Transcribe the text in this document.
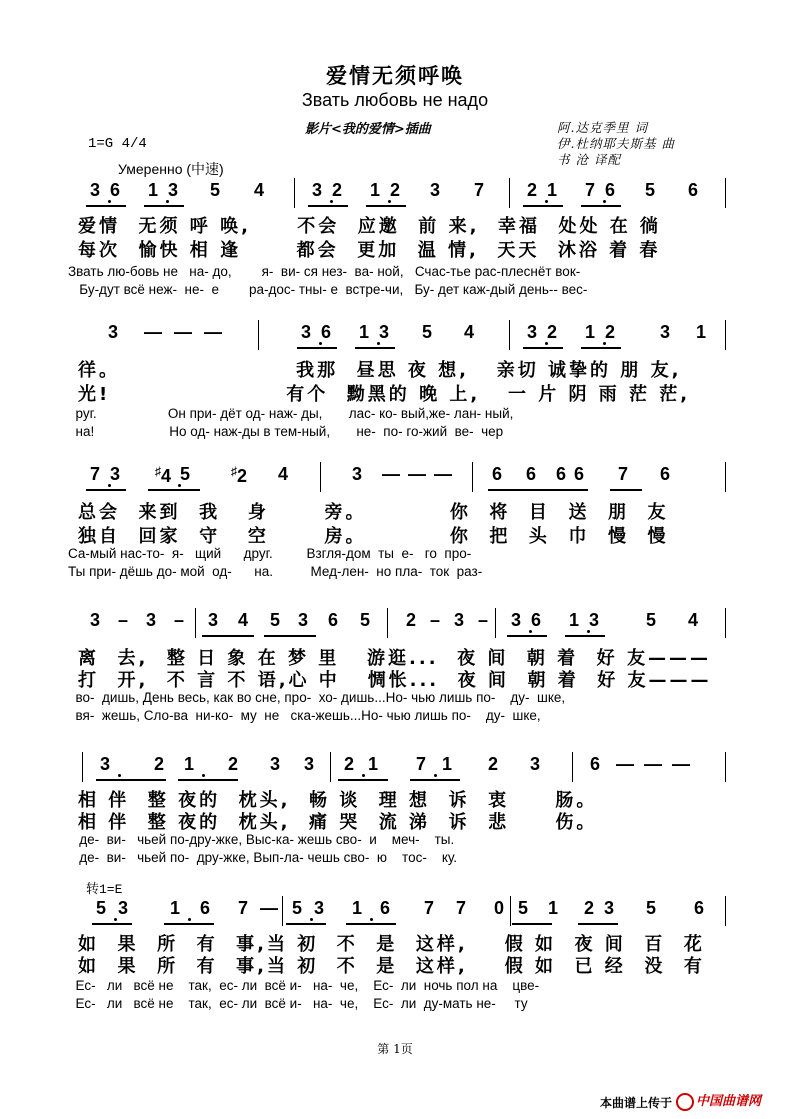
爱情无须呼唤
Звать любовь не надо
影片<我的爱情>插曲	阿.达克季里 词
伊.杜纳耶夫斯基 曲
书 沧 译配
1=G 4/4
Умеренно (中速)
3 6	1 3	5	4	3 2	1 2	3	7	2 1	7 6	5	6
爱情  无须 呼 唤,     不会  应邀  前 来,  幸福  处处 在 徜
每次  愉快 相 逢      都会  更加  温 情,  天天  沐浴 着 春
Звать лю-бовь не   на- до,        я-  ви- ся нез-  ва- ной,   Счас-тье рас-плеснёт вок-
Бу-дут всё неж-  не-  е        ра-дос- тны- е  встре-чи,   Бу- дет каж-дый день-- вес-
3	— — —	3 6	1 3	5	4	3 2	1 2	3	1
徉。                   我那  昼思 夜 想,   亲切 诚挚的 朋 友,
光!                   有个  黝黑的 晚 上,   一 片 阴 雨 茫 茫,
руг.                   Он при- дёт од- наж- ды,       лас- ко- вый,же- лан- ный,
на!                    Но од- наж-ды в тем-ный,       не-  по- го-жий  ве-  чер
7 3	♯4 5	♯2	4	3	— — —	6	6	6 6	7	6
总会  来到  我   身      旁。         你  将  目  送  朋  友
独自  回家  守   空      房。         你  把  头  巾  慢  慢
Са-мый нас-то-  я-   щий      друг.         Взгля-дом  ты  е-   го  про-
Ты при- дёшь до- мой  од-      на.          Мед-лен-  но пла-  ток  раз-
3 – 3 –	3	4	5 3	6	5	2 – 3 –	3 6	1 3	5	4
离  去,  整 日 象 在 梦 里   游逛...  夜 间  朝 着  好 友———
打  开,  不 言 不 语,心 中   惆怅...  夜 间  朝 着  好 友———
во-  дишь, День весь, как во сне, про-  хо- дишь...Но- чью лишь по-    ду-  шке,
вя-  жешь, Сло-ва  ни-ко-  му  не   ска-жешь...Но- чью лишь по-    ду-  шке,
3	2	1	2	3	3	2 1	7 1	2	3	6 — — —
相 伴  整 夜的  枕头,  畅 谈  理 想  诉  衷     肠。
相 伴  整 夜的  枕头,  痛 哭  流 涕  诉  悲     伤。
де-  ви-   чьей по-дру-жке, Выс-ка- жешь сво-  и    меч-    ты.
де-  ви-   чьей по-  дру-жке, Вып-ла- чешь сво-  ю    тос-    ку.
转1=E
5 3	1	6	7 — 5 3	1 6	7	7	0 5	1	2 3	5	6
如  果  所  有  事,当 初  不  是  这样,    假 如  夜 间  百  花
如  果  所  有  事,当 初  不  是  这样,    假 如  已 经  没  有
Ес-   ли   всё не    так,  ес- ли  всё и-   на-  че,    Ес-  ли  ночь пол на    цве-
Ес-   ли   всё не    так,  ес- ли  всё и-   на-  че,    Ес-  ли  ду-мать не-     ту
第 1页
本曲谱上传于	中国曲谱网
